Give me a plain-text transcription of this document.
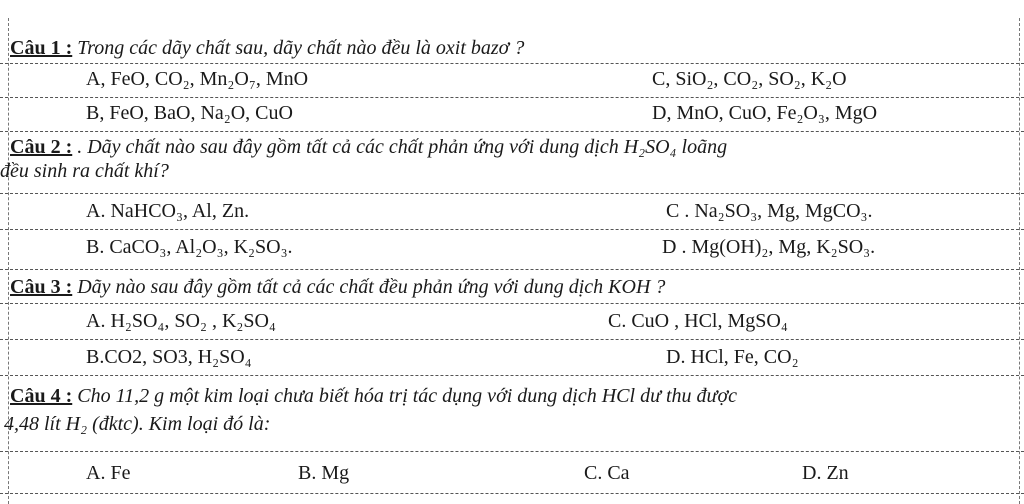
Câu 1 : Trong các dãy chất sau, dãy chất nào đều là oxit bazơ ?
A, FeO, CO₂, Mn₂O₇, MnO	C, SiO₂, CO₂, SO₂, K₂O
B, FeO, BaO, Na₂O, CuO	D, MnO, CuO, Fe₂O₃, MgO
Câu 2 : . Dãy chất nào sau đây gồm tất cả các chất phản ứng với dung dịch H₂SO₄ loãng
đều sinh ra chất khí?
A. NaHCO₃, Al, Zn.	C . Na₂SO₃, Mg, MgCO₃.
B. CaCO₃, Al₂O₃, K₂SO₃.	D . Mg(OH)₂, Mg, K₂SO₃.
Câu 3 : Dãy nào sau đây gồm tất cả các chất đều phản ứng với dung dịch KOH ?
A. H₂SO₄, SO₂ , K₂SO₄	C. CuO , HCl, MgSO₄
B.CO2, SO3, H₂SO₄	D. HCl, Fe, CO₂
Câu 4 : Cho 11,2 g một kim loại chưa biết hóa trị tác dụng với dung dịch HCl dư thu được
4,48 lít H₂ (đktc). Kim loại đó là:
A. Fe	B. Mg	C. Ca	D. Zn
